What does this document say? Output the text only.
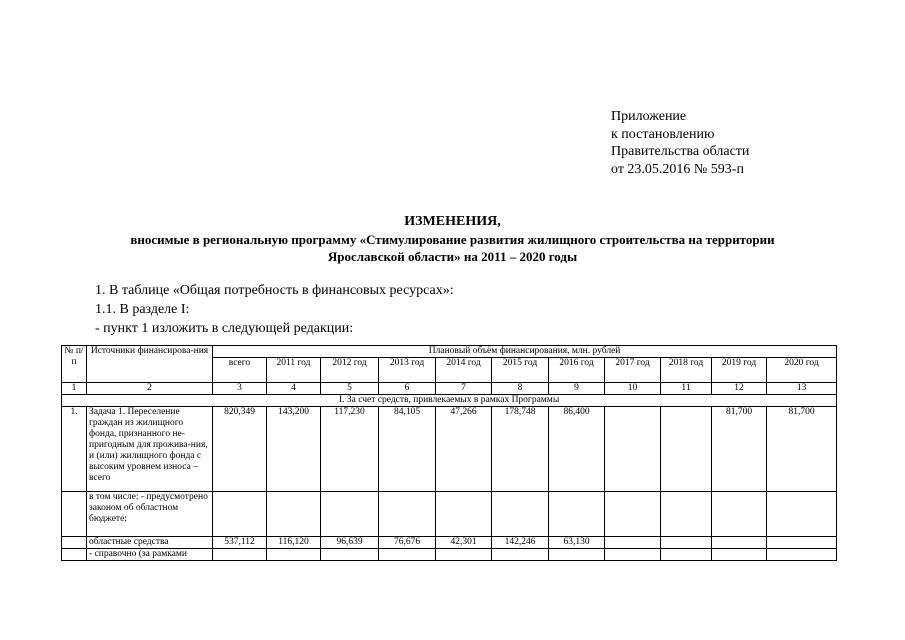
Приложение
к постановлению
Правительства области
от 23.05.2016 № 593-п
ИЗМЕНЕНИЯ,
вносимые в региональную программу «Стимулирование развития жилищного строительства на территории
Ярославской области» на 2011 – 2020 годы
1. В таблице «Общая потребность в финансовых ресурсах»:
1.1. В разделе I:
- пункт 1 изложить в следующей редакции:
№ п/п	Источники финансирова-ния	Плановый объём финансирования, млн. рублей										
		всего	2011 год	2012 год	2013 год	2014 год	2015 год	2016 год	2017 год	2018 год	2019 год	2020 год
1	2	3	4	5	6	7	8	9	10	11	12	13
I. За счет средств, привлекаемых в рамках Программы												
1.	Задача 1. Переселение граждан из жилищного фонда, признанного не-пригодным для прожива-ния, и (или) жилищного фонда с высоким уровнем износа – всего	820,349	143,200	117,230	84,105	47,266	178,748	86,400			81,700	81,700
	в том числе: - предусмотрено законом об областном бюджете:											
	областные средства	537,112	116,120	96,639	76,676	42,301	142,246	63,130				
	- справочно (за рамками											
